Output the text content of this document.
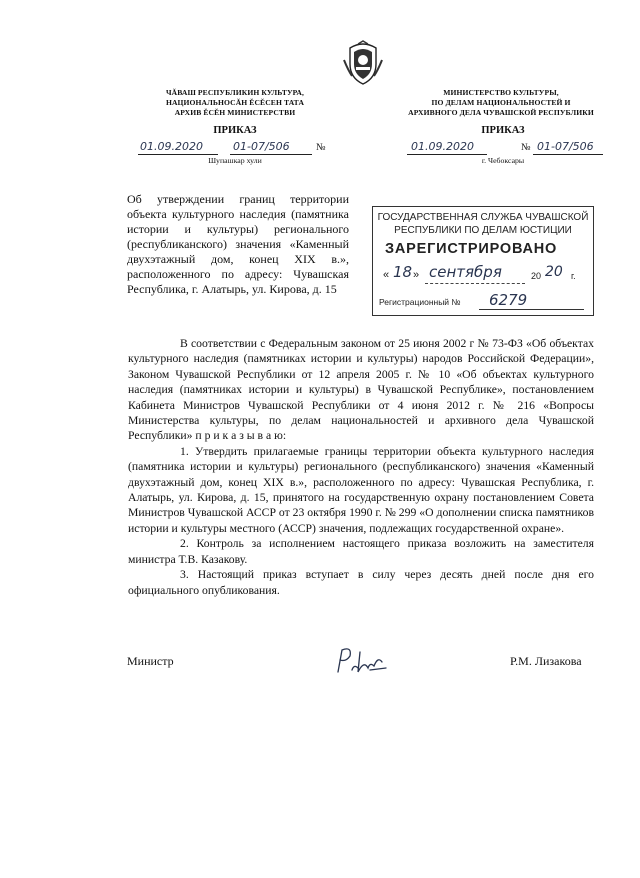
ЧĂВАШ РЕСПУБЛИКИН КУЛЬТУРА,
НАЦИОНАЛЬНОСĂН ĔСĔСЕН ТАТА
АРХИВ ĔСĔН МИНИСТЕРСТВИ
ПРИКАЗ
01.09.2020	01-07/506	№
Шупашкар хули
МИНИСТЕРСТВО КУЛЬТУРЫ,
ПО ДЕЛАМ НАЦИОНАЛЬНОСТЕЙ И
АРХИВНОГО ДЕЛА ЧУВАШСКОЙ РЕСПУБЛИКИ
ПРИКАЗ
01.09.2020	№ 01-07/506
г. Чебоксары
Об утверждении границ территории объекта культурного наследия (памятника истории и культуры) регионального (республиканского) значения «Каменный двухэтажный дом, конец XIX в.», расположенного по адресу: Чувашская Республика, г. Алатырь, ул. Кирова, д. 15
ГОСУДАРСТВЕННАЯ СЛУЖБА ЧУВАШСКОЙ
РЕСПУБЛИКИ ПО ДЕЛАМ ЮСТИЦИИ
ЗАРЕГИСТРИРОВАНО
« 18 » сентября	20 20 г.
Регистрационный № 6279

В соответствии с Федеральным законом от 25 июня 2002 г № 73-ФЗ «Об объектах культурного наследия (памятниках истории и культуры) народов Российской Федерации», Законом Чувашской Республики от 12 апреля 2005 г. № 10 «Об объектах культурного наследия (памятниках истории и культуры) в Чувашской Республике», постановлением Кабинета Министров Чувашской Республики от 4 июня 2012 г. № 216 «Вопросы Министерства культуры, по делам национальностей и архивного дела Чувашской Республики» п р и к а з ы в а ю:

1. Утвердить прилагаемые границы территории объекта культурного наследия (памятника истории и культуры) регионального (республиканского) значения «Каменный двухэтажный дом, конец XIX в.», расположенного по адресу: Чувашская Республика, г. Алатырь, ул. Кирова, д. 15, принятого на государственную охрану постановлением Совета Министров Чувашской АССР от 23 октября 1990 г. № 299 «О дополнении списка памятников истории и культуры местного (АССР) значения, подлежащих государственной охране».

2. Контроль за исполнением настоящего приказа возложить на заместителя министра Т.В. Казакову.

3. Настоящий приказ вступает в силу через десять дней после дня его официального опубликования.

Министр	Р.М. Лизакова
